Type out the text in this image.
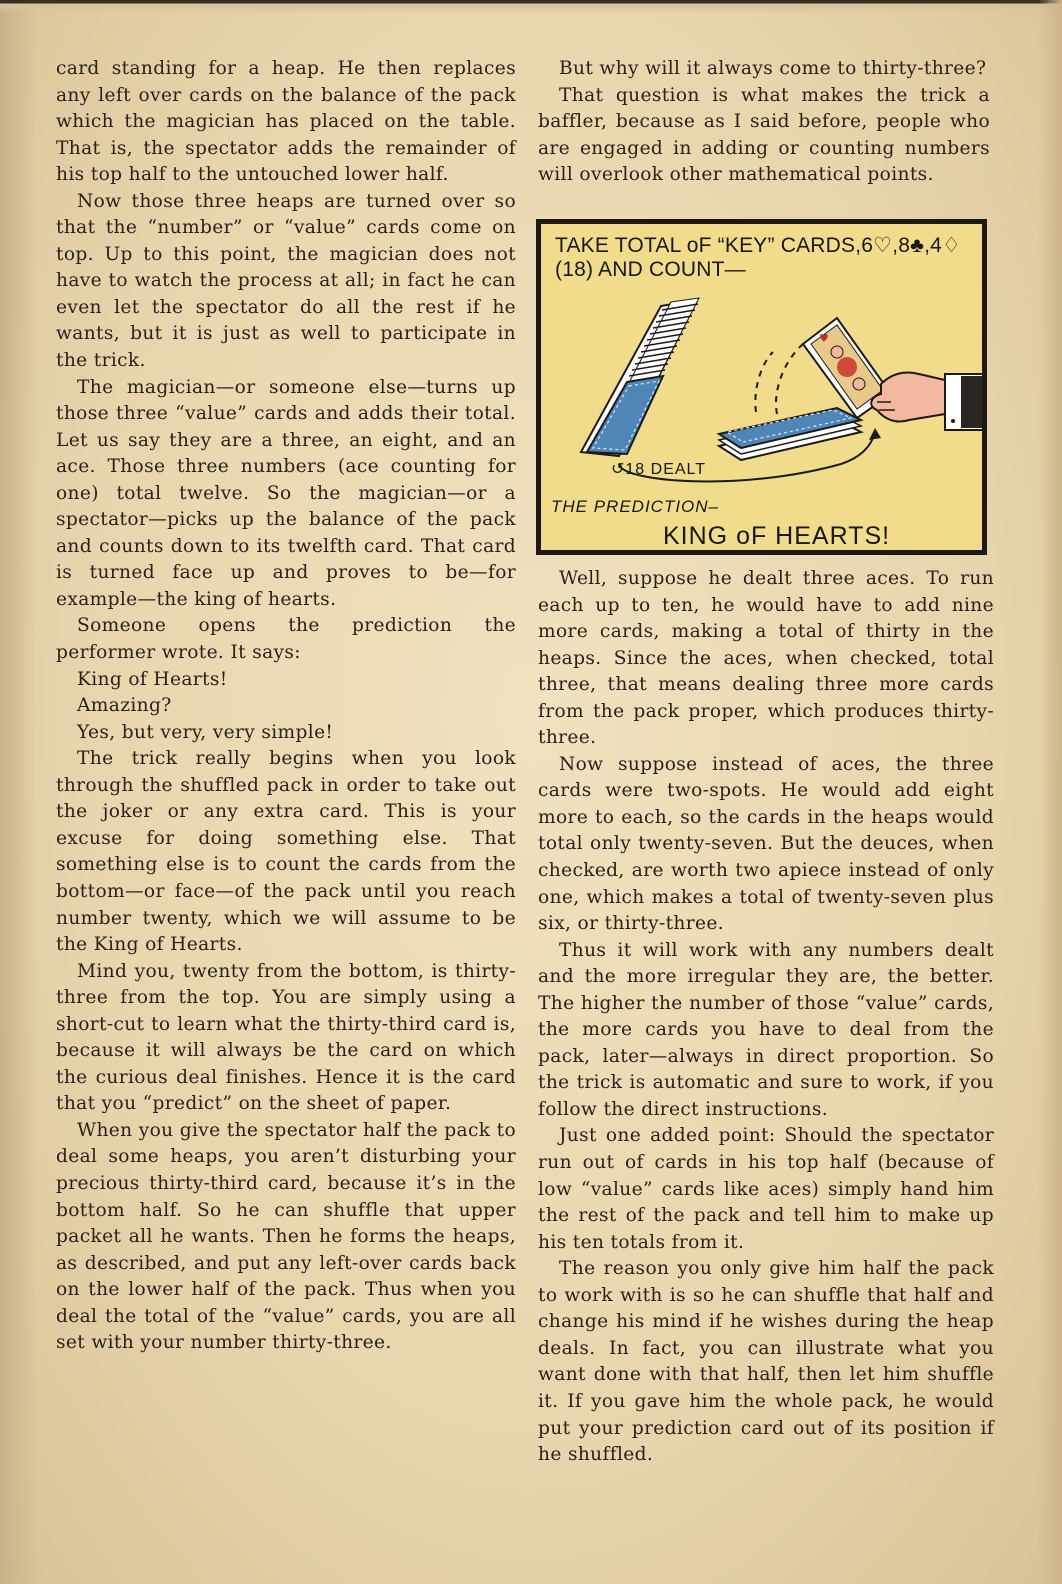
card standing for a heap. He then replaces any left over cards on the balance of the pack which the magician has placed on the table. That is, the spectator adds the remainder of his top half to the untouched lower half.

Now those three heaps are turned over so that the “number” or “value” cards come on top. Up to this point, the magician does not have to watch the process at all; in fact he can even let the spectator do all the rest if he wants, but it is just as well to participate in the trick.

The magician—or someone else—turns up those three “value” cards and adds their total. Let us say they are a three, an eight, and an ace. Those three numbers (ace counting for one) total twelve. So the magician—or a spectator—picks up the balance of the pack and counts down to its twelfth card. That card is turned face up and proves to be—for example—the king of hearts.

Someone opens the prediction the performer wrote. It says:

King of Hearts!

Amazing?

Yes, but very, very simple!

The trick really begins when you look through the shuffled pack in order to take out the joker or any extra card. This is your excuse for doing something else. That something else is to count the cards from the bottom—or face—of the pack until you reach number twenty, which we will assume to be the King of Hearts.

Mind you, twenty from the bottom, is thirty-three from the top. You are simply using a short-cut to learn what the thirty-third card is, because it will always be the card on which the curious deal finishes. Hence it is the card that you “predict” on the sheet of paper.

When you give the spectator half the pack to deal some heaps, you aren’t disturbing your precious thirty-third card, because it’s in the bottom half. So he can shuffle that upper packet all he wants. Then he forms the heaps, as described, and put any left-over cards back on the lower half of the pack. Thus when you deal the total of the “value” cards, you are all set with your number thirty-three.

But why will it always come to thirty-three?

That question is what makes the trick a baffler, because as I said before, people who are engaged in adding or counting numbers will overlook other mathematical points.

♥
TAKE TOTAL oF “KEY” CARDS,6♡,8♣,4♢
(18) AND COUNT—
↺18 DEALT
THE PREDICTION–
KING oF HEARTS!

Well, suppose he dealt three aces. To run each up to ten, he would have to add nine more cards, making a total of thirty in the heaps. Since the aces, when checked, total three, that means dealing three more cards from the pack proper, which produces thirty-three.

Now suppose instead of aces, the three cards were two-spots. He would add eight more to each, so the cards in the heaps would total only twenty-seven. But the deuces, when checked, are worth two apiece instead of only one, which makes a total of twenty-seven plus six, or thirty-three.

Thus it will work with any numbers dealt and the more irregular they are, the better. The higher the number of those “value” cards, the more cards you have to deal from the pack, later—always in direct proportion. So the trick is automatic and sure to work, if you follow the direct instructions.

Just one added point: Should the spectator run out of cards in his top half (because of low “value” cards like aces) simply hand him the rest of the pack and tell him to make up his ten totals from it.

The reason you only give him half the pack to work with is so he can shuffle that half and change his mind if he wishes during the heap deals. In fact, you can illustrate what you want done with that half, then let him shuffle it. If you gave him the whole pack, he would put your prediction card out of its position if he shuffled.
